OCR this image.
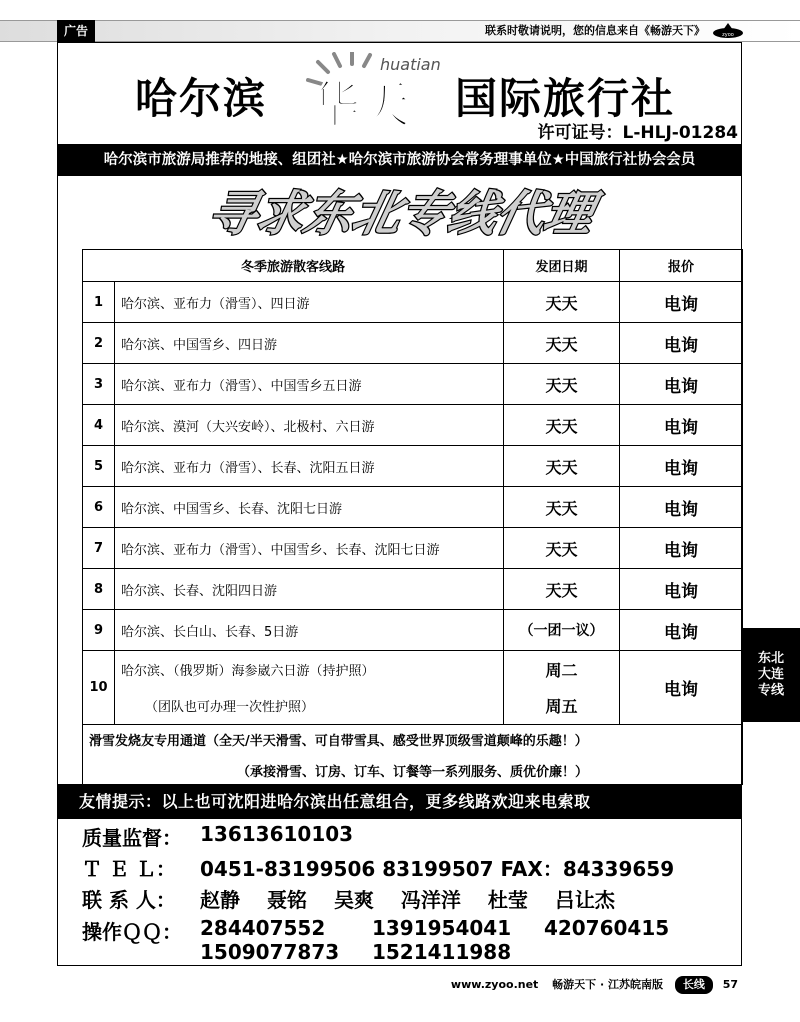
广告	联系时敬请说明，您的信息来自《畅游天下》	zyoo
哈尔滨
huatian
华天 国际旅行社
许可证号：L-HLJ-01284
哈尔滨市旅游局推荐的地接、组团社★哈尔滨市旅游协会常务理事单位★中国旅行社协会会员
寻求东北专线代理
冬季旅游散客线路		发团日期	报价
1	哈尔滨、亚布力（滑雪）、四日游	天天	电询
2	哈尔滨、中国雪乡、四日游	天天	电询
3	哈尔滨、亚布力（滑雪）、中国雪乡五日游	天天	电询
4	哈尔滨、漠河（大兴安岭）、北极村、六日游	天天	电询
5	哈尔滨、亚布力（滑雪）、长春、沈阳五日游	天天	电询
6	哈尔滨、中国雪乡、长春、沈阳七日游	天天	电询
7	哈尔滨、亚布力（滑雪）、中国雪乡、长春、沈阳七日游	天天	电询
8	哈尔滨、长春、沈阳四日游	天天	电询
9	哈尔滨、长白山、长春、5日游	（一团一议）	电询
10	哈尔滨、（俄罗斯）海参崴六日游（持护照）	周二	电询
	（团队也可办理一次性护照）	周五	

滑雪发烧友专用通道（全天/半天滑雪、可自带雪具、感受世界顶级雪道颠峰的乐趣！）
（承接滑雪、订房、订车、订餐等一系列服务、质优价廉！）			
东北大连专线
友情提示：以上也可沈阳进哈尔滨出任意组合，更多线路欢迎来电索取
质量监督： 13613610103
Ｔ Ｅ Ｌ：	0451-83199506 83199507 FAX：84339659
联 系 人：	赵静 聂铭 吴爽 冯洋洋 杜莹 吕让杰
操作ＱＱ： 284407552 1391954041 420760415
1509077873 1521411988
www.zyoo.net 畅游天下 · 江苏皖南版 长线 57
